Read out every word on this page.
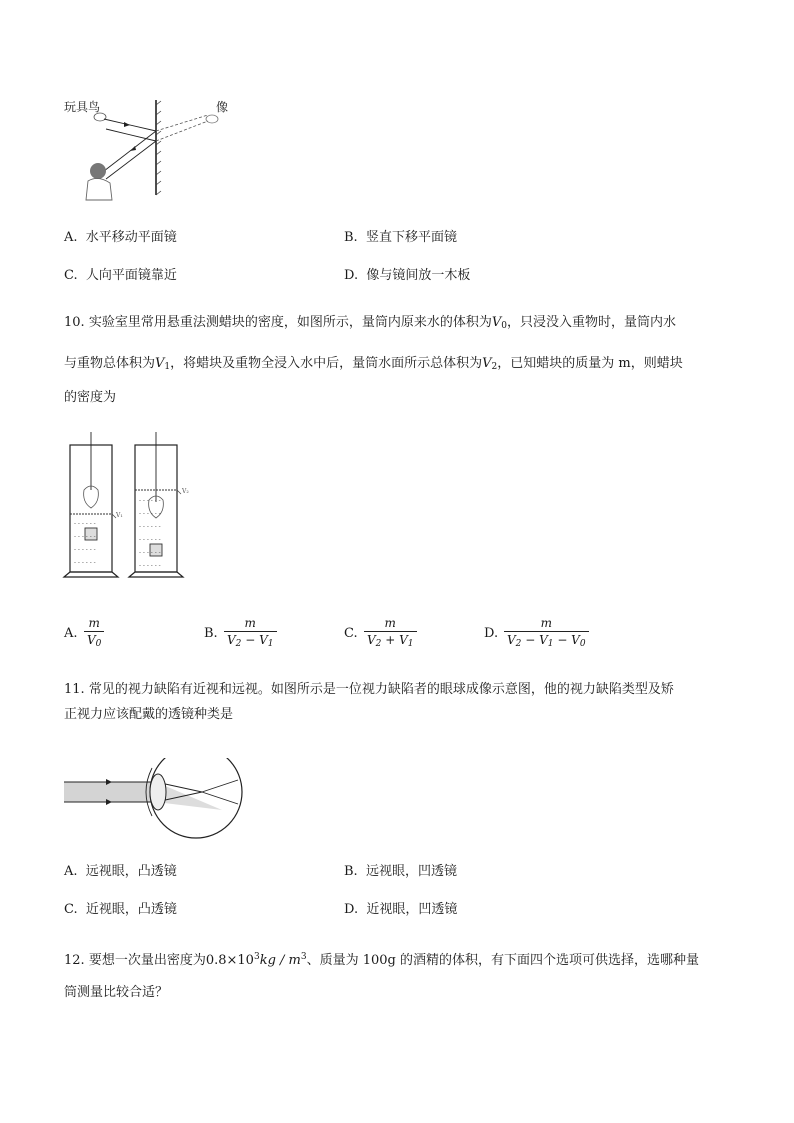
玩具鸟	像
A. 水平移动平面镜	B. 竖直下移平面镜
C. 人向平面镜靠近	D. 像与镜间放一木板
10. 实验室里常用悬重法测蜡块的密度，如图所示，量筒内原来水的体积为$V_0$，只浸没入重物时，量筒内水
与重物总体积为$V_1$，将蜡块及重物全浸入水中后，量筒水面所示总体积为$V_2$，已知蜡块的质量为 m，则蜡块
的密度为
- - - - - -
- - - - - -
- - - - - -
- - - - - -
- - - - - -
- - - - - -
- - - - - -
- - - - - -
- - - - - -
- - - - - -
V₁
V₂
A.
m
$V_0$
B.
m
$V_2 - V_1$
C.
m
$V_2 + V_1$
D.
m
$V_2 - V_1 - V_0$
11. 常见的视力缺陷有近视和远视。如图所示是一位视力缺陷者的眼球成像示意图，他的视力缺陷类型及矫
正视力应该配戴的透镜种类是
A. 远视眼，凸透镜	B. 远视眼，凹透镜
C. 近视眼，凸透镜	D. 近视眼，凹透镜
12. 要想一次量出密度为$0.8\times 10^3kg / m^3$、质量为 100g 的酒精的体积，有下面四个选项可供选择，选哪种量
筒测量比较合适？
